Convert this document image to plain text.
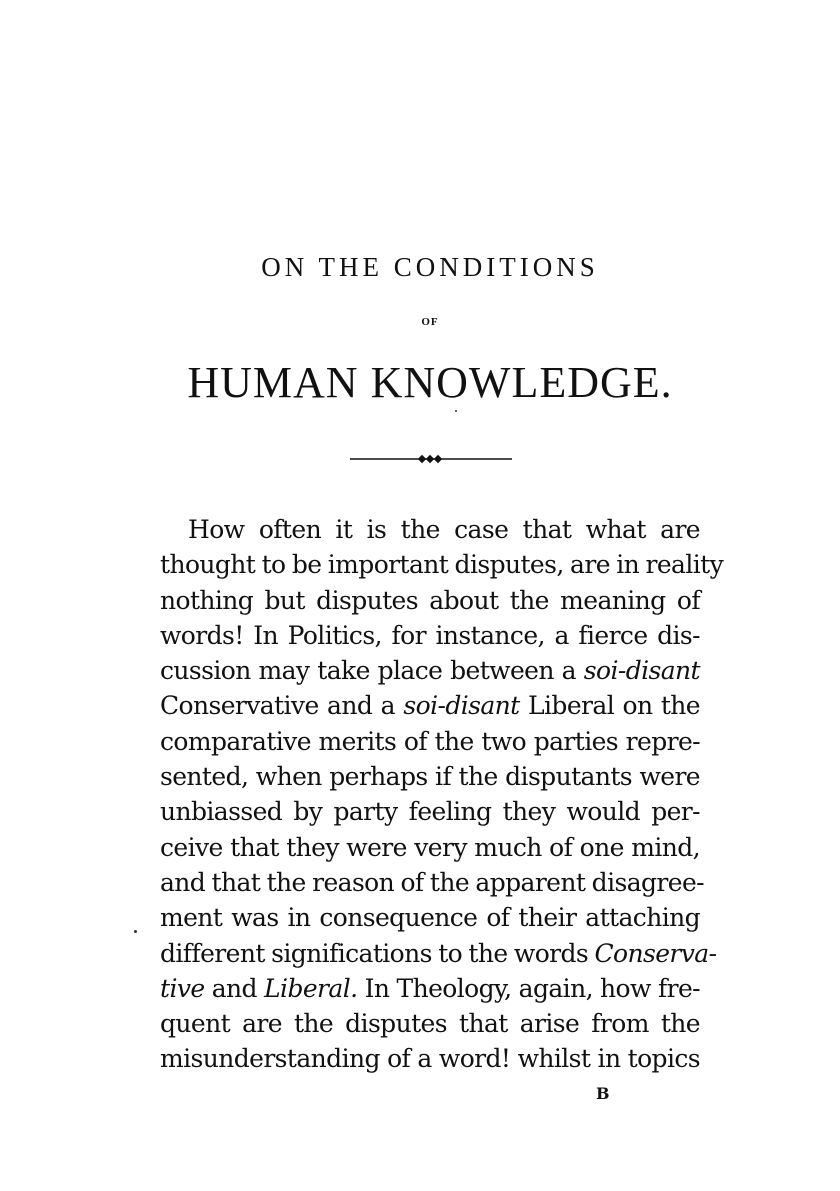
ON THE CONDITIONS
OF
HUMAN KNOWLEDGE.
How often it is the case that what are
thought to be important disputes, are in reality
nothing but disputes about the meaning of
words! In Politics, for instance, a fierce dis-
cussion may take place between a soi-disant
Conservative and a soi-disant Liberal on the
comparative merits of the two parties repre-
sented, when perhaps if the disputants were
unbiassed by party feeling they would per-
ceive that they were very much of one mind,
and that the reason of the apparent disagree-
ment was in consequence of their attaching
different significations to the words Conserva-
tive and Liberal. In Theology, again, how fre-
quent are the disputes that arise from the
misunderstanding of a word! whilst in topics
B
